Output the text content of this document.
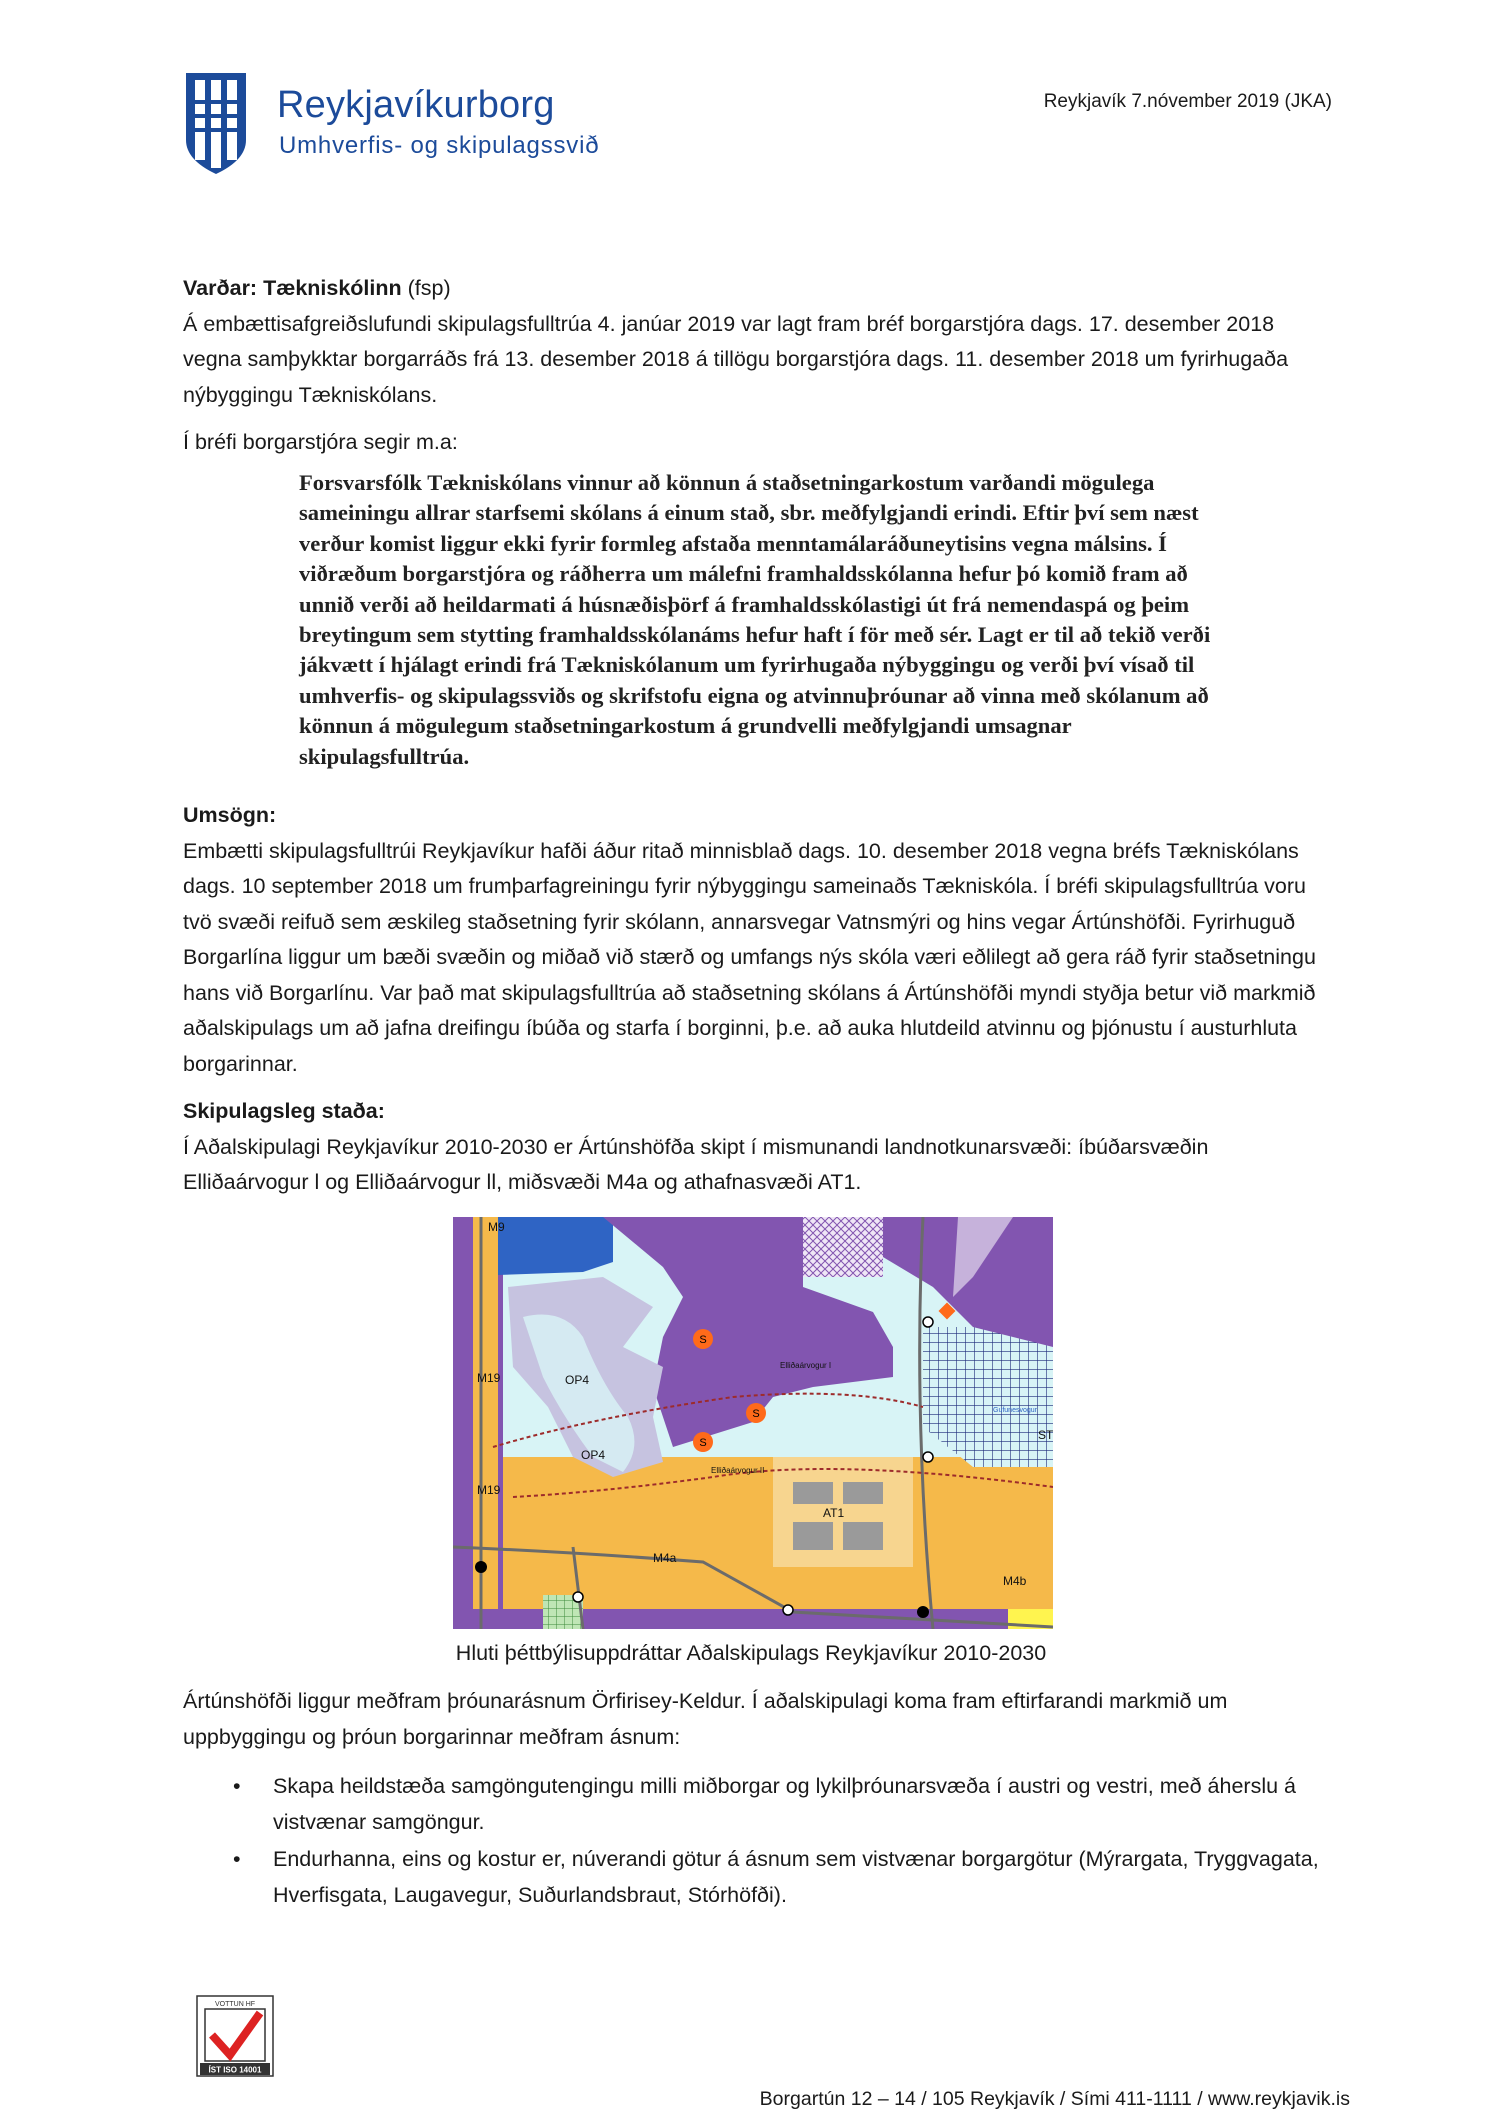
Reykjavíkurborg
Umhverfis- og skipulagssvið
Reykjavík 7.nóvember 2019 (JKA)

Varðar: Tækniskólinn (fsp)

Á embættisafgreiðslufundi skipulagsfulltrúa 4. janúar 2019 var lagt fram bréf borgarstjóra dags. 17. desember 2018 vegna samþykktar borgarráðs frá 13. desember 2018 á tillögu borgarstjóra dags. 11. desember 2018 um fyrirhugaða nýbyggingu Tækniskólans.

Í bréfi borgarstjóra segir m.a:

Forsvarsfólk Tækniskólans vinnur að könnun á staðsetningarkostum varðandi mögulega sameiningu allrar starfsemi skólans á einum stað, sbr. meðfylgjandi erindi. Eftir því sem næst verður komist liggur ekki fyrir formleg afstaða menntamálaráðuneytisins vegna málsins. Í viðræðum borgarstjóra og ráðherra um málefni framhaldsskólanna hefur þó komið fram að unnið verði að heildarmati á húsnæðisþörf á framhaldsskólastigi út frá nemendaspá og þeim breytingum sem stytting framhaldsskólanáms hefur haft í för með sér. Lagt er til að tekið verði jákvætt í hjálagt erindi frá Tækniskólanum um fyrirhugaða nýbyggingu og verði því vísað til umhverfis- og skipulagssviðs og skrifstofu eigna og atvinnuþróunar að vinna með skólanum að könnun á mögulegum staðsetningarkostum á grundvelli meðfylgjandi umsagnar skipulagsfulltrúa.

Umsögn:

Embætti skipulagsfulltrúi Reykjavíkur hafði áður ritað minnisblað dags. 10. desember 2018 vegna bréfs Tækniskólans dags. 10 september 2018 um frumþarfagreiningu fyrir nýbyggingu sameinaðs Tækniskóla. Í bréfi skipulagsfulltrúa voru tvö svæði reifuð sem æskileg staðsetning fyrir skólann, annarsvegar Vatnsmýri og hins vegar Ártúnshöfði. Fyrirhuguð Borgarlína liggur um bæði svæðin og miðað við stærð og umfangs nýs skóla væri eðlilegt að gera ráð fyrir staðsetningu hans við Borgarlínu. Var það mat skipulagsfulltrúa að staðsetning skólans á Ártúnshöfði myndi styðja betur við markmið aðalskipulags um að jafna dreifingu íbúða og starfa í borginni, þ.e. að auka hlutdeild atvinnu og þjónustu í austurhluta borgarinnar.

Skipulagsleg staða:

Í Aðalskipulagi Reykjavíkur 2010-2030 er Ártúnshöfða skipt í mismunandi landnotkunarsvæði: íbúðarsvæðin Elliðaárvogur l og Elliðaárvogur ll, miðsvæði M4a og athafnasvæði AT1.

S
S
S
M9
M19
M19
OP4
OP4
M4a
M4b
AT1
ST
Elliðaárvogur I
Elliðaárvogur II
Gufunesvogur
Hluti þéttbýlisuppdráttar Aðalskipulags Reykjavíkur 2010-2030

Ártúnshöfði liggur meðfram þróunarásnum Örfirisey-Keldur. Í aðalskipulagi koma fram eftirfarandi markmið um uppbyggingu og þróun borgarinnar meðfram ásnum:

• Skapa heildstæða samgöngutengingu milli miðborgar og lykilþróunarsvæða í austri og vestri, með áherslu á vistvænar samgöngur.
• Endurhanna, eins og kostur er, núverandi götur á ásnum sem vistvænar borgargötur (Mýrargata, Tryggvagata, Hverfisgata, Laugavegur, Suðurlandsbraut, Stórhöfði).
VOTTUN HF
ÍST ISO 14001
Borgartún 12 – 14 / 105 Reykjavík / Sími 411-1111 / www.reykjavik.is
